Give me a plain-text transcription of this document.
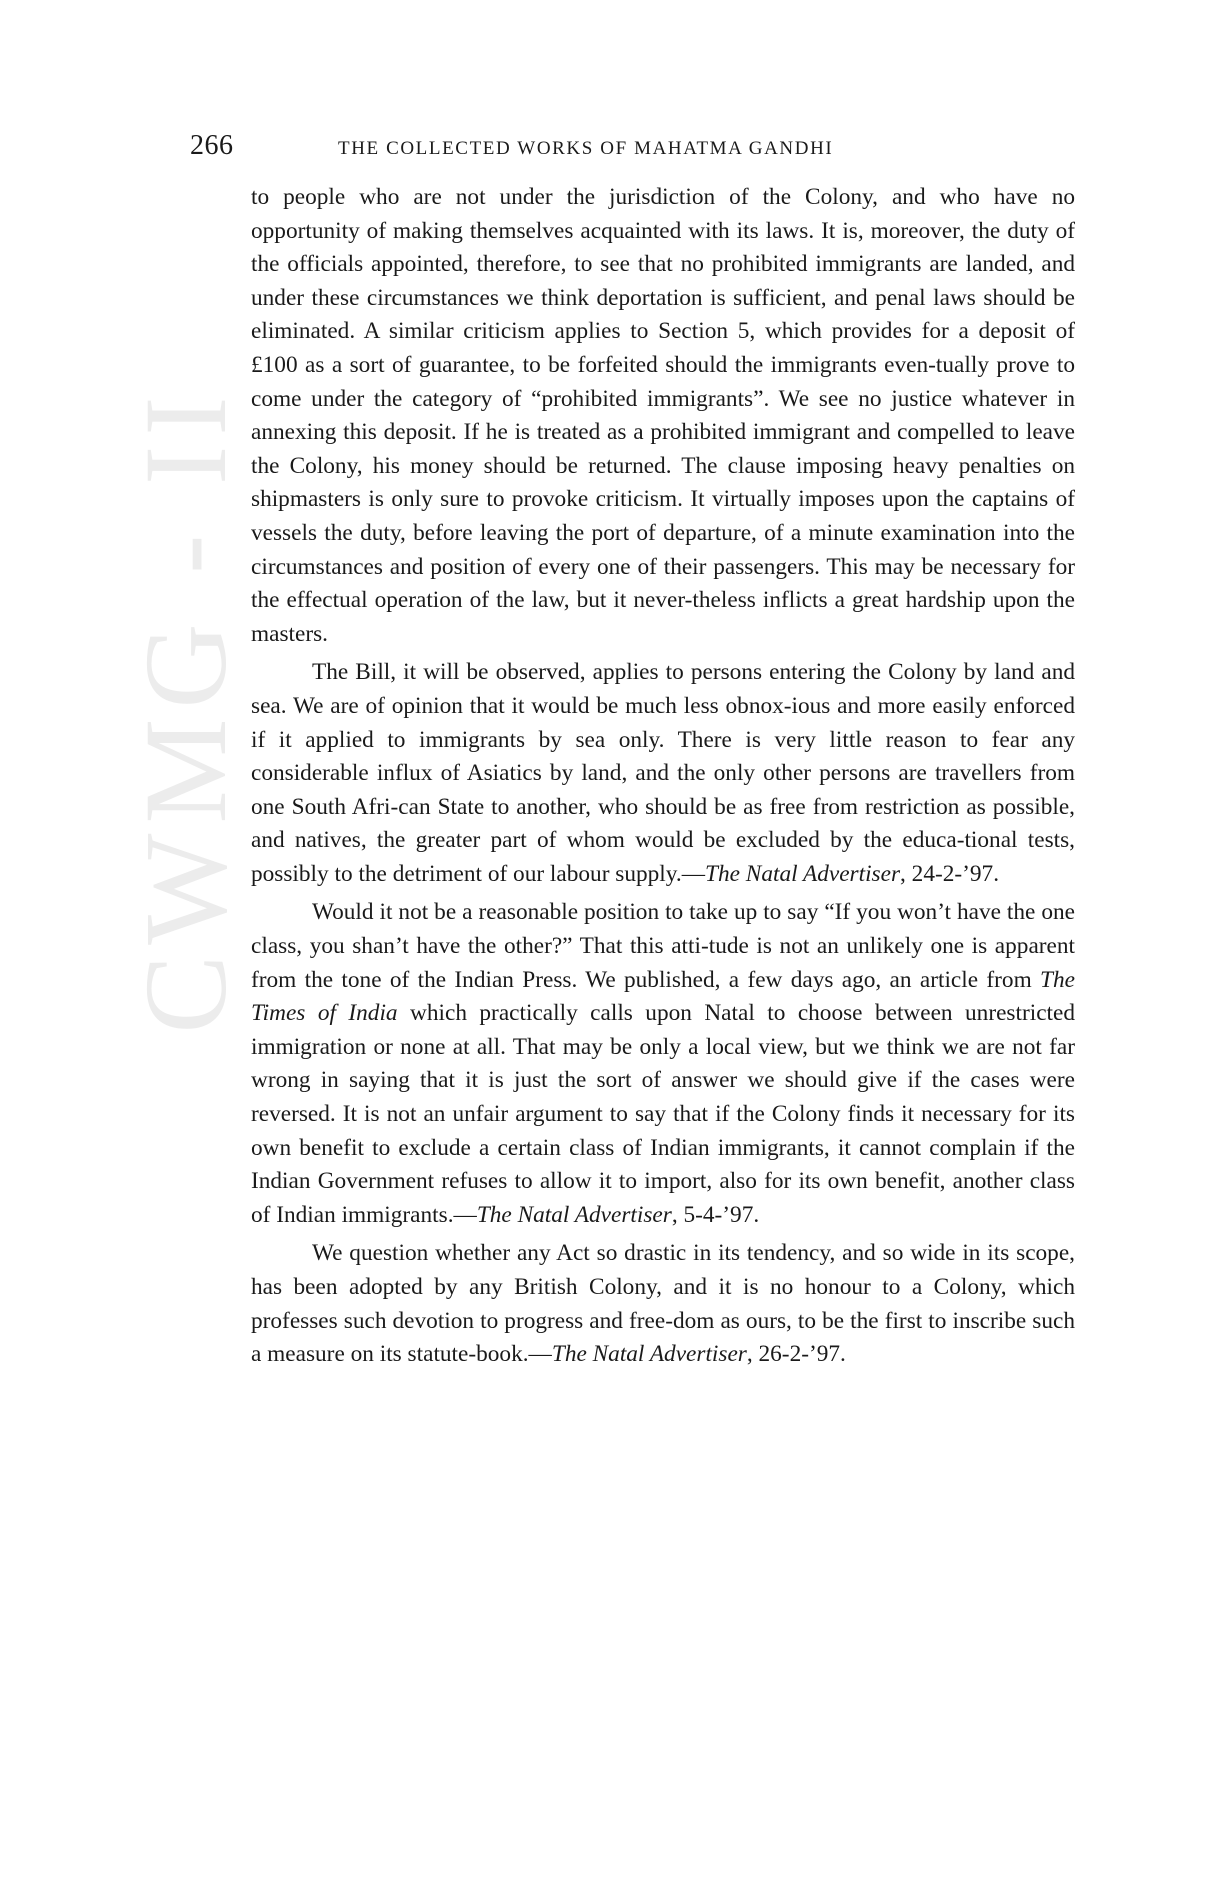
CWMG - II
266	THE COLLECTED WORKS OF MAHATMA GANDHI

to people who are not under the jurisdiction of the Colony, and who have no opportunity of making themselves acquainted with its laws. It is, moreover, the duty of the officials appointed, therefore, to see that no prohibited immigrants are landed, and under these circumstances we think deportation is sufficient, and penal laws should be eliminated. A similar criticism applies to Section 5, which provides for a deposit of £100 as a sort of guarantee, to be forfeited should the immigrants even-tually prove to come under the category of “prohibited immigrants”. We see no justice whatever in annexing this deposit. If he is treated as a prohibited immigrant and compelled to leave the Colony, his money should be returned. The clause imposing heavy penalties on shipmasters is only sure to provoke criticism. It virtually imposes upon the captains of vessels the duty, before leaving the port of departure, of a minute examination into the circumstances and position of every one of their passengers. This may be necessary for the effectual operation of the law, but it never-theless inflicts a great hardship upon the masters.

The Bill, it will be observed, applies to persons entering the Colony by land and sea. We are of opinion that it would be much less obnox-ious and more easily enforced if it applied to immigrants by sea only. There is very little reason to fear any considerable influx of Asiatics by land, and the only other persons are travellers from one South Afri-can State to another, who should be as free from restriction as possible, and natives, the greater part of whom would be excluded by the educa-tional tests, possibly to the detriment of our labour supply.—The Natal Advertiser, 24-2-’97.

Would it not be a reasonable position to take up to say “If you won’t have the one class, you shan’t have the other?” That this atti-tude is not an unlikely one is apparent from the tone of the Indian Press. We published, a few days ago, an article from The Times of India which practically calls upon Natal to choose between unrestricted immigration or none at all. That may be only a local view, but we think we are not far wrong in saying that it is just the sort of answer we should give if the cases were reversed. It is not an unfair argument to say that if the Colony finds it necessary for its own benefit to exclude a certain class of Indian immigrants, it cannot complain if the Indian Government refuses to allow it to import, also for its own benefit, another class of Indian immigrants.—The Natal Advertiser, 5-4-’97.

We question whether any Act so drastic in its tendency, and so wide in its scope, has been adopted by any British Colony, and it is no honour to a Colony, which professes such devotion to progress and free-dom as ours, to be the first to inscribe such a measure on its statute-book.—The Natal Advertiser, 26-2-’97.
